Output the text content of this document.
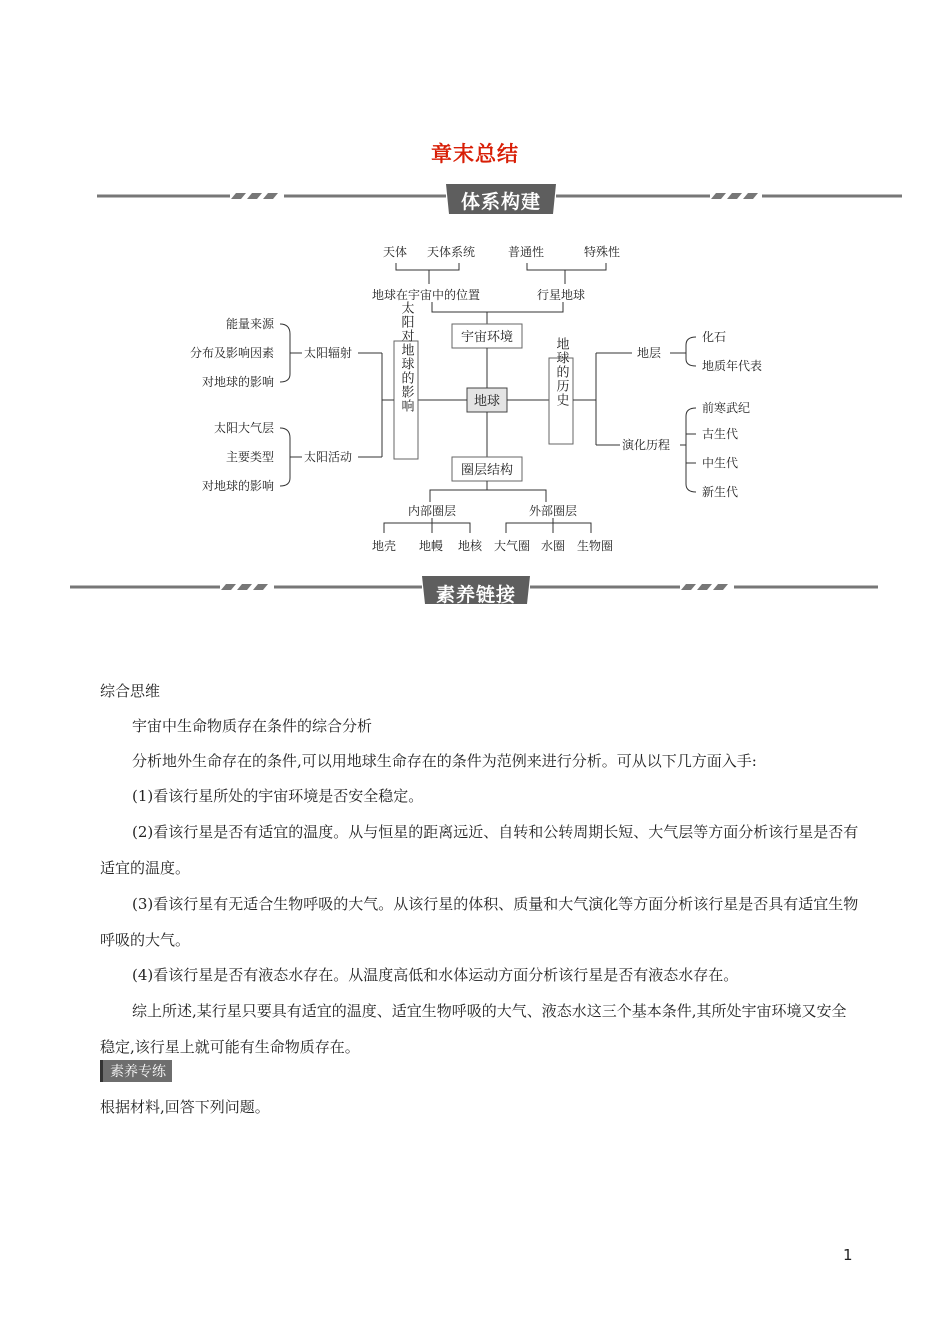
章末总结
体系构建
天体 天体系统	普通性	特殊性
地球在宇宙中的位置	行星地球
宇宙环境
地球
圈层结构
太阳对地球的影响	地球的历史
太阳辐射
太阳活动
能量来源
分布及影响因素
对地球的影响
太阳大气层
主要类型
对地球的影响
地层
演化历程
化石
地质年代表
前寒武纪
古生代
中生代
新生代
内部圈层	外部圈层
地壳 地幔 地核 大气圈 水圈 生物圈
素养链接

综合思维

宇宙中生命物质存在条件的综合分析

分析地外生命存在的条件,可以用地球生命存在的条件为范例来进行分析。可从以下几方面入手:

(1)看该行星所处的宇宙环境是否安全稳定。

(2)看该行星是否有适宜的温度。从与恒星的距离远近、自转和公转周期长短、大气层等方面分析该行星是否有适宜的温度。

(3)看该行星有无适合生物呼吸的大气。从该行星的体积、质量和大气演化等方面分析该行星是否具有适宜生物呼吸的大气。

(4)看该行星是否有液态水存在。从温度高低和水体运动方面分析该行星是否有液态水存在。

综上所述,某行星只要具有适宜的温度、适宜生物呼吸的大气、液态水这三个基本条件,其所处宇宙环境又安全稳定,该行星上就可能有生命物质存在。

素养专练
根据材料,回答下列问题。
1
